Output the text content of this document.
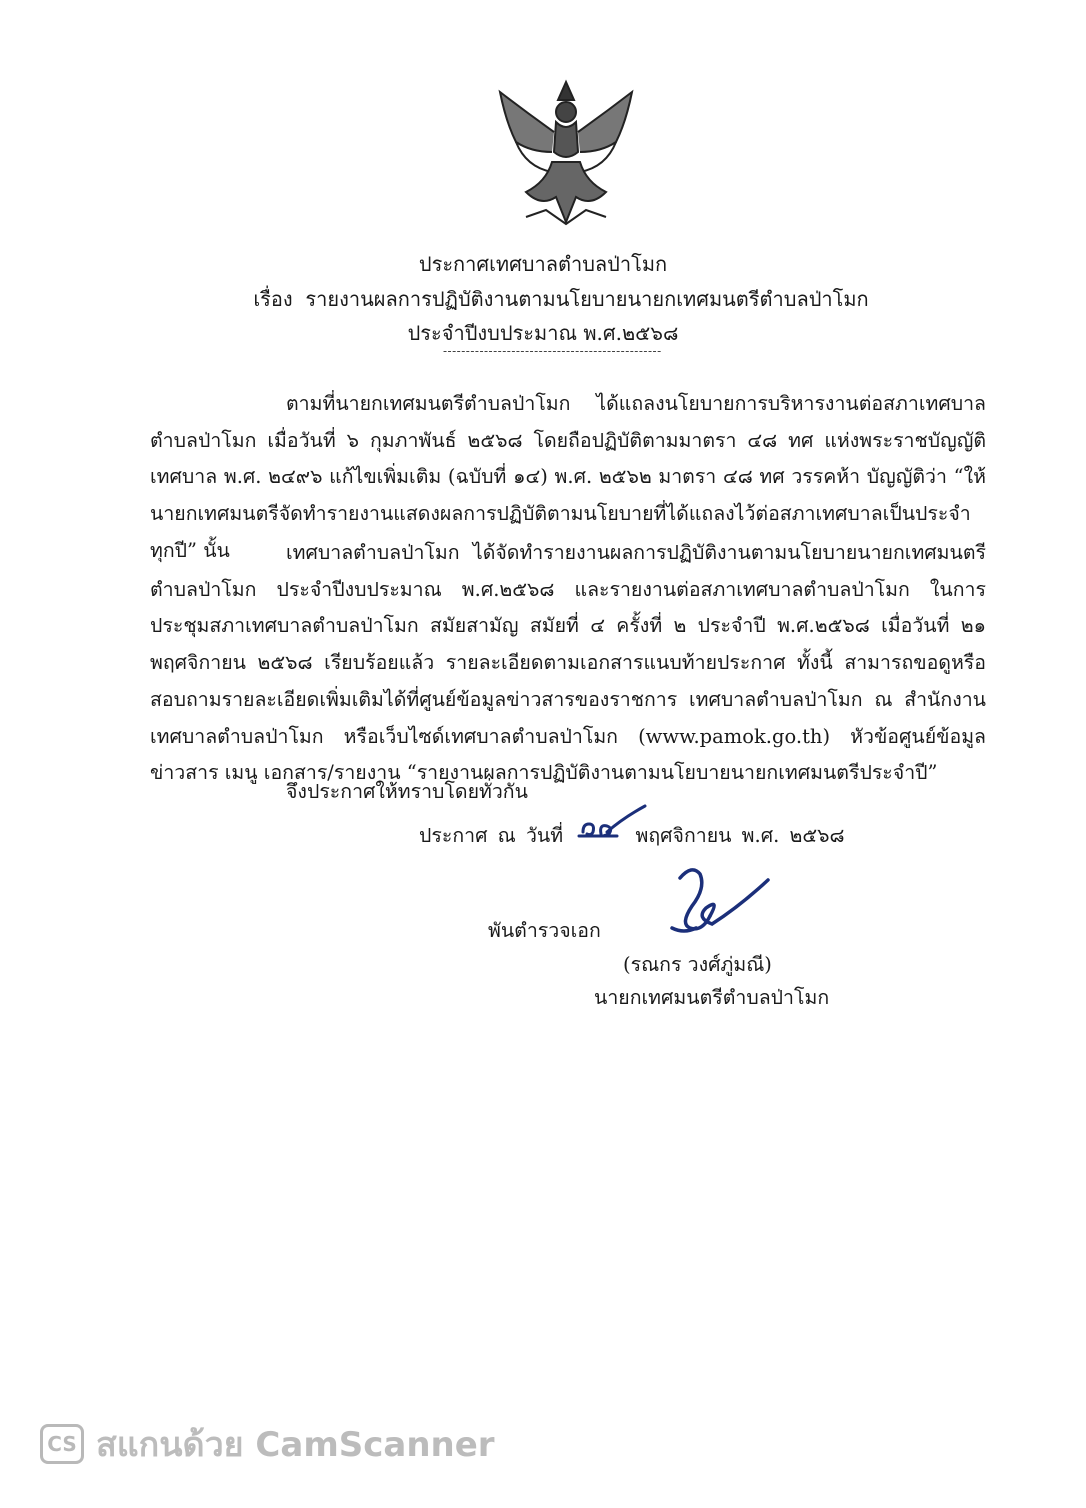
ประกาศเทศบาลตำบลป่าโมก
เรื่อง รายงานผลการปฏิบัติงานตามนโยบายนายกเทศมนตรีตำบลป่าโมก
ประจำปีงบประมาณ พ.ศ.๒๕๖๘
------------------------------------------------

ตามที่นายกเทศมนตรีตำบลป่าโมก ได้แถลงนโยบายการบริหารงานต่อสภาเทศบาลตำบลป่าโมก เมื่อวันที่ ๖ กุมภาพันธ์ ๒๕๖๘ โดยถือปฏิบัติตามมาตรา ๔๘ ทศ แห่งพระราชบัญญัติเทศบาล พ.ศ. ๒๔๙๖ แก้ไขเพิ่มเติม (ฉบับที่ ๑๔) พ.ศ. ๒๕๖๒ มาตรา ๔๘ ทศ วรรคห้า บัญญัติว่า “ให้นายกเทศมนตรีจัดทำรายงานแสดงผลการปฏิบัติตามนโยบายที่ได้แถลงไว้ต่อสภาเทศบาลเป็นประจำทุกปี” นั้น	เทศบาลตำบลป่าโมก ได้จัดทำรายงานผลการปฏิบัติงานตามนโยบายนายกเทศมนตรีตำบลป่าโมก ประจำปีงบประมาณ พ.ศ.๒๕๖๘ และรายงานต่อสภาเทศบาลตำบลป่าโมก ในการประชุมสภาเทศบาลตำบลป่าโมก สมัยสามัญ สมัยที่ ๔ ครั้งที่ ๒ ประจำปี พ.ศ.๒๕๖๘ เมื่อวันที่ ๒๑ พฤศจิกายน ๒๕๖๘ เรียบร้อยแล้ว รายละเอียดตามเอกสารแนบท้ายประกาศ ทั้งนี้ สามารถขอดูหรือสอบถามรายละเอียดเพิ่มเติมได้ที่ศูนย์ข้อมูลข่าวสารของราชการ เทศบาลตำบลป่าโมก ณ สำนักงานเทศบาลตำบลป่าโมก หรือเว็บไซด์เทศบาลตำบลป่าโมก (www.pamok.go.th) หัวข้อศูนย์ข้อมูลข่าวสาร เมนู เอกสาร/รายงาน “รายงานผลการปฏิบัติงานตามนโยบายนายกเทศมนตรีประจำปี”

จึงประกาศให้ทราบโดยทั่วกัน

ประกาศ ณ วันที่	พฤศจิกายน พ.ศ. ๒๕๖๘

พันตำรวจเอก

(รณกร วงศ์ภู่มณี)

นายกเทศมนตรีตำบลป่าโมก

CS สแกนด้วย CamScanner
